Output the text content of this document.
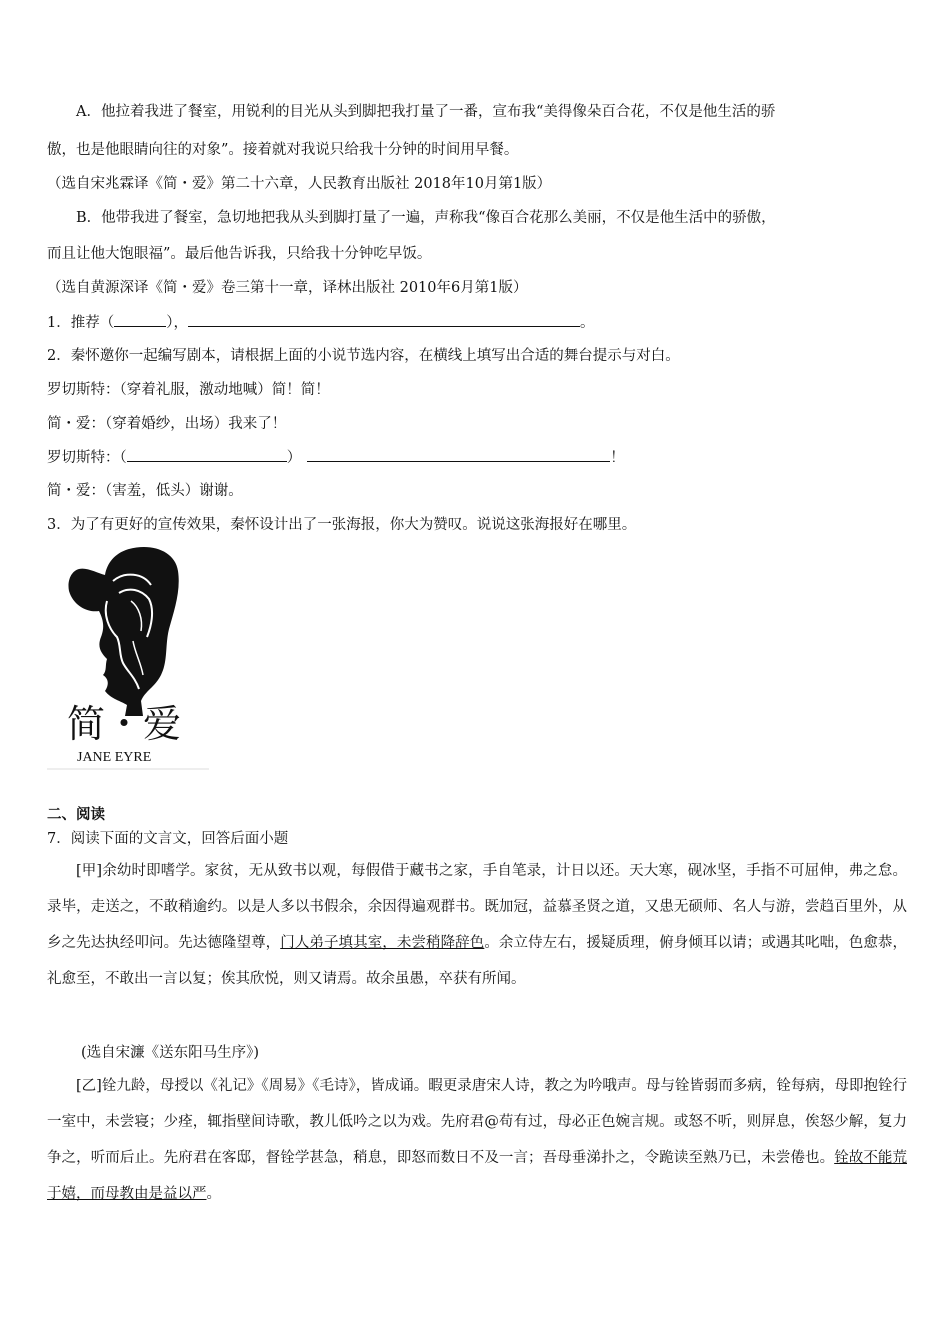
A．他拉着我进了餐室，用锐利的目光从头到脚把我打量了一番，宣布我“美得像朵百合花，不仅是他生活的骄
傲，也是他眼睛向往的对象”。接着就对我说只给我十分钟的时间用早餐。
（选自宋兆霖译《简・爱》第二十六章，人民教育出版社 2018年10月第1版）
B．他带我进了餐室，急切地把我从头到脚打量了一遍，声称我“像百合花那么美丽，不仅是他生活中的骄傲，
而且让他大饱眼福”。最后他告诉我，只给我十分钟吃早饭。
（选自黄源深译《简・爱》卷三第十一章，译林出版社 2010年6月第1版）
1．推荐（	），	。
2．秦怀邀你一起编写剧本，请根据上面的小说节选内容，在横线上填写出合适的舞台提示与对白。
罗切斯特：（穿着礼服，激动地喊）简！简！
简・爱：（穿着婚纱，出场）我来了！
罗切斯特：（	）	！
简・爱：（害羞，低头）谢谢。
3．为了有更好的宣传效果，秦怀设计出了一张海报，你大为赞叹。说说这张海报好在哪里。
简・爱
JANE EYRE
二、阅读
7．阅读下面的文言文，回答后面小题
[甲]余幼时即嗜学。家贫，无从致书以观，每假借于藏书之家，手自笔录，计日以还。天大寒，砚冰坚，手指不可屈伸，弗之怠。录毕，走送之，不敢稍逾约。以是人多以书假余，余因得遍观群书。既加冠，益慕圣贤之道，又患无硕师、名人与游，尝趋百里外，从乡之先达执经叩问。先达德隆望尊，门人弟子填其室，未尝稍降辞色。余立侍左右，援疑质理，俯身倾耳以请；或遇其叱咄，色愈恭，礼愈至，不敢出一言以复；俟其欣悦，则又请焉。故余虽愚，卒获有所闻。
(选自宋濂《送东阳马生序》)
[乙]铨九龄，母授以《礼记》《周易》《毛诗》，皆成诵。暇更录唐宋人诗，教之为吟哦声。母与铨皆弱而多病，铨每病，母即抱铨行一室中，未尝寝；少痊，辄指壁间诗歌，教儿低吟之以为戏。先府君@苟有过，母必正色婉言规。或怒不听，则屏息，俟怒少解，复力争之，听而后止。先府君在客邸，督铨学甚急，稍息，即怒而数日不及一言；吾母垂涕扑之，令跪读至熟乃已，未尝倦也。铨故不能荒于嬉，而母教由是益以严。
